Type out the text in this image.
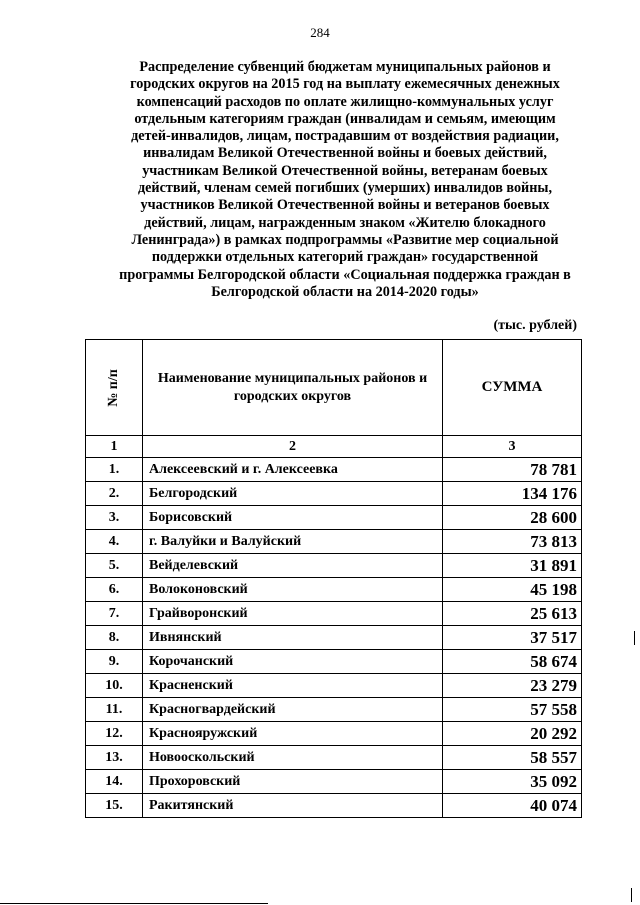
284
Распределение субвенций бюджетам муниципальных районов и
городских округов на 2015 год на выплату ежемесячных денежных
компенсаций расходов по оплате жилищно-коммунальных услуг
отдельным категориям граждан (инвалидам и семьям, имеющим
детей-инвалидов, лицам, пострадавшим от воздействия радиации,
инвалидам Великой Отечественной войны и боевых действий,
участникам Великой Отечественной войны, ветеранам боевых
действий, членам семей погибших (умерших) инвалидов войны,
участников Великой Отечественной войны и ветеранов боевых
действий, лицам, награжденным знаком «Жителю блокадного
Ленинграда») в рамках подпрограммы «Развитие мер социальной
поддержки отдельных категорий граждан» государственной
программы Белгородской области «Социальная поддержка граждан в
Белгородской области на 2014-2020 годы»
(тыс. рублей)
№ п/п	Наименование муниципальных районов и городских округов	СУММА
1	2	3
1.	Алексеевский и г. Алексеевка	78 781
2.	Белгородский	134 176
3.	Борисовский	28 600
4.	г. Валуйки и Валуйский	73 813
5.	Вейделевский	31 891
6.	Волоконовский	45 198
7.	Грайворонский	25 613
8.	Ивнянский	37 517
9.	Корочанский	58 674
10.	Красненский	23 279
11.	Красногвардейский	57 558
12.	Краснояружский	20 292
13.	Новооскольский	58 557
14.	Прохоровский	35 092
15.	Ракитянский	40 074
